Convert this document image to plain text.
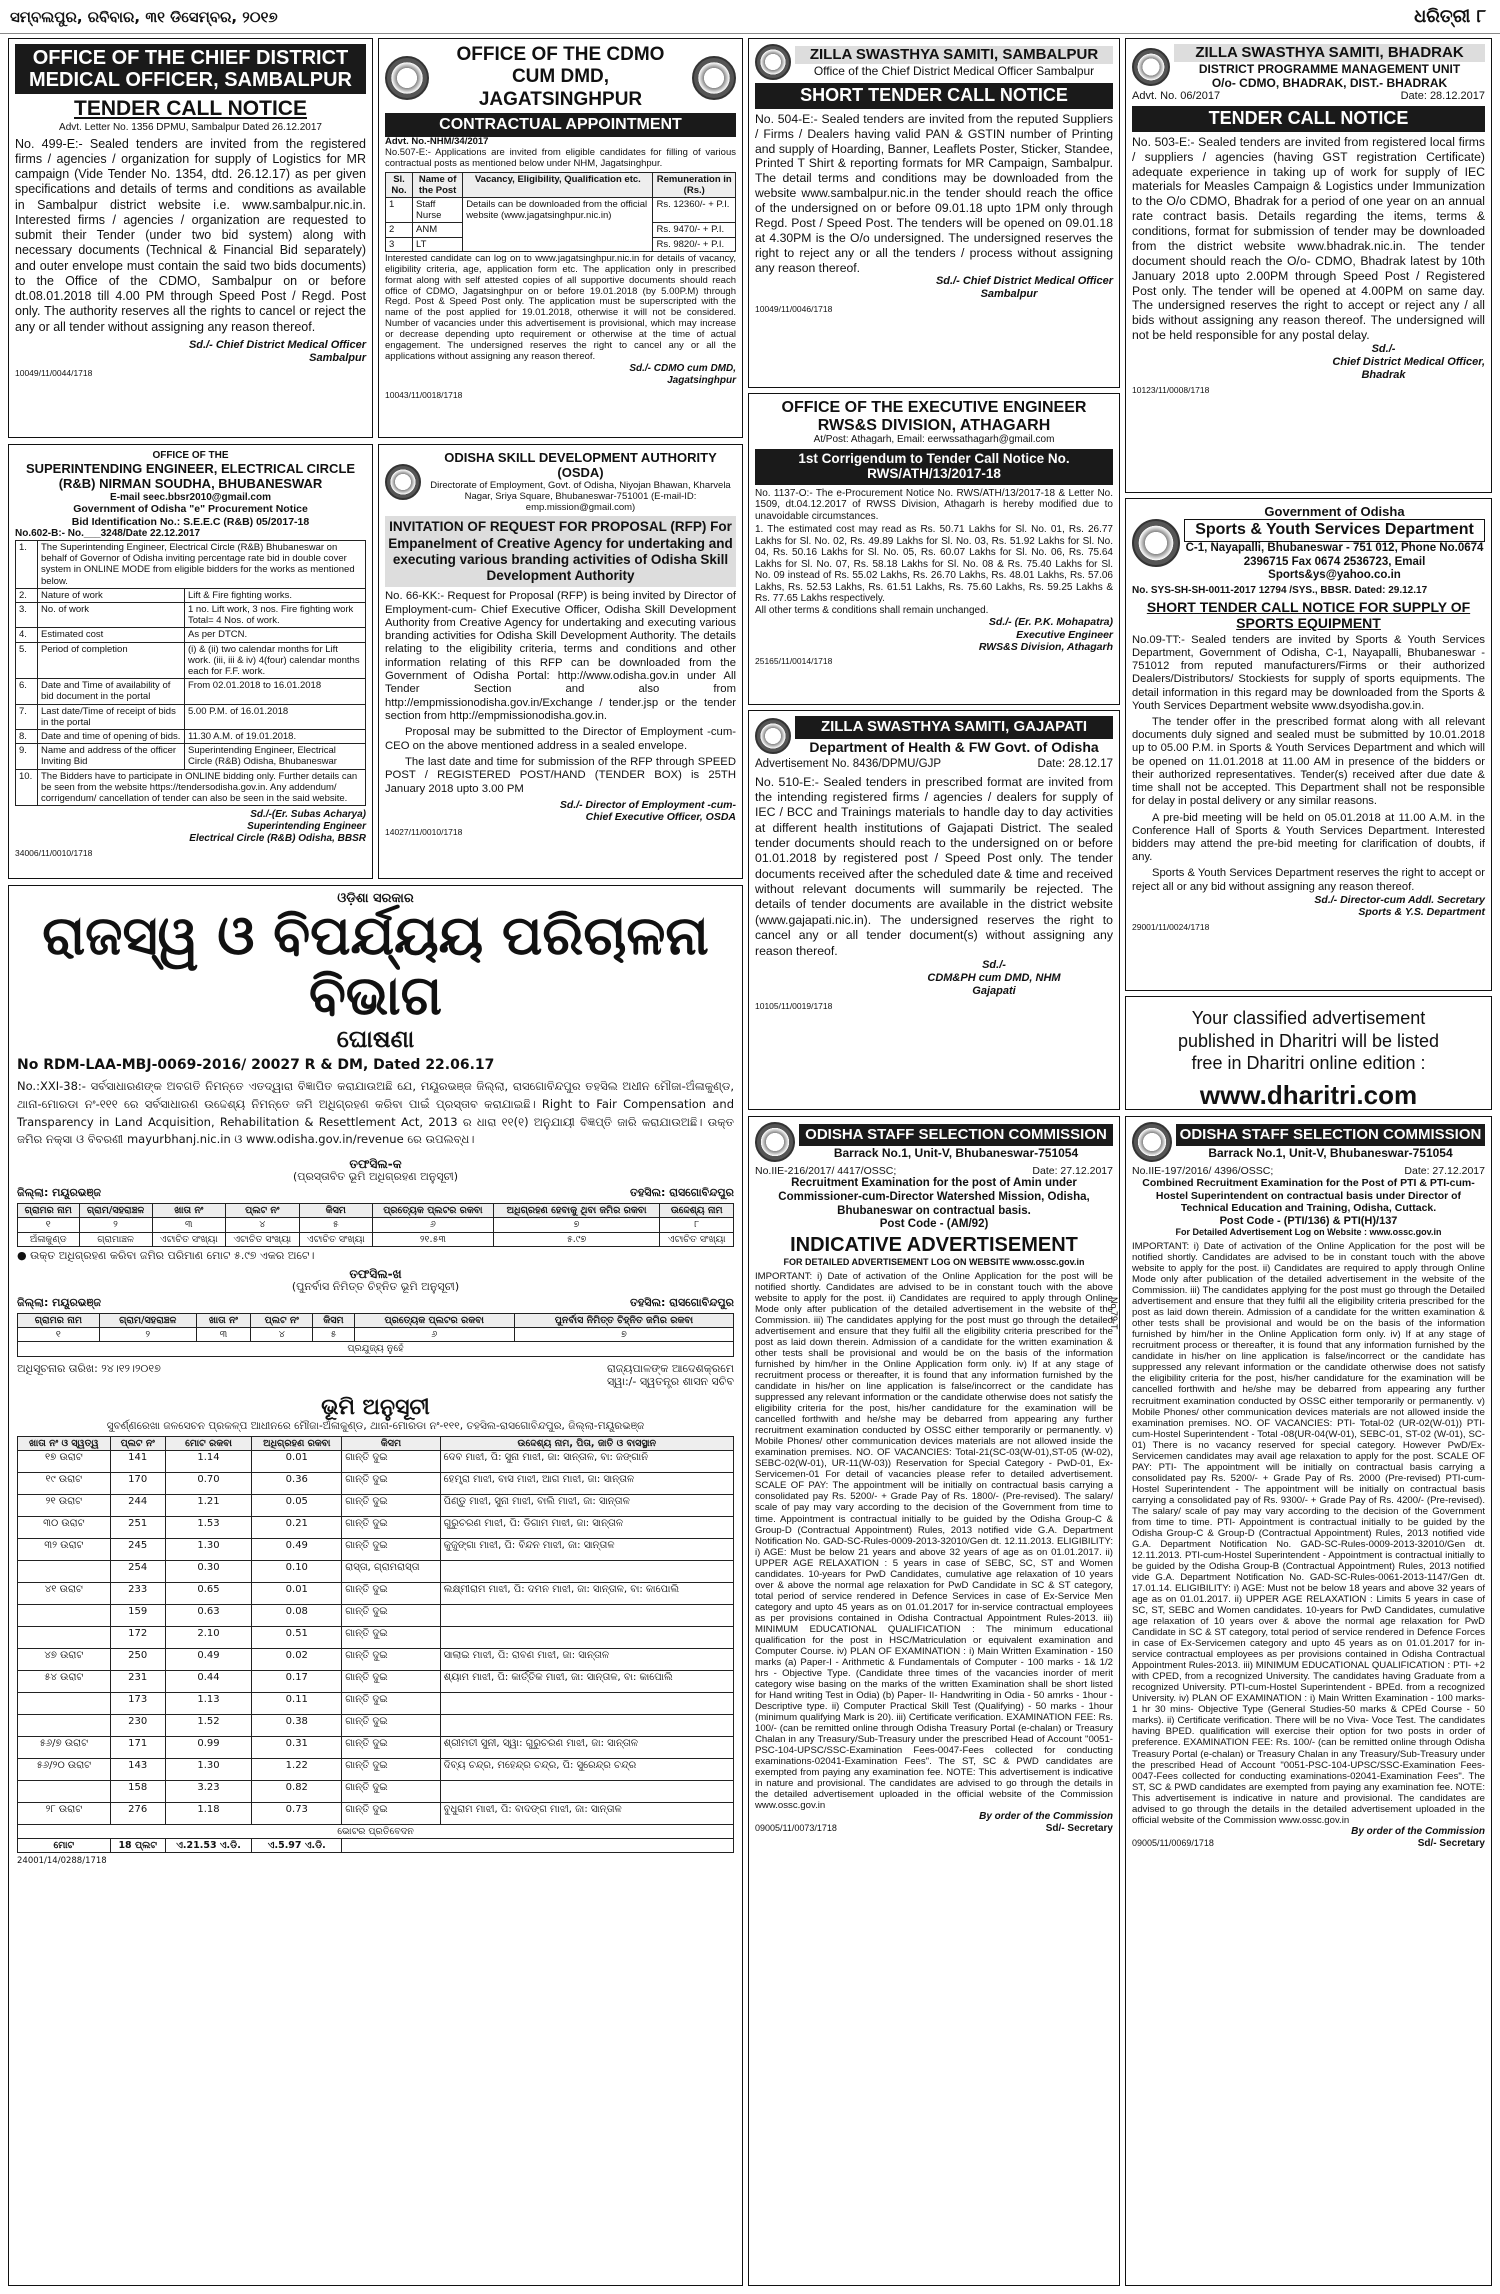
ସମ୍ବଲପୁର, ରବିବାର, ୩୧ ଡିସେମ୍ବର, ୨୦୧୭	ଧରିତ୍ରୀ ୮
OFFICE OF THE CHIEF DISTRICT MEDICAL OFFICER, SAMBALPUR
TENDER CALL NOTICE
Advt. Letter No. 1356 DPMU, Sambalpur Dated 26.12.2017
No. 499-E:- Sealed tenders are invited from the registered firms / agencies / organization for supply of Logistics for MR campaign (Vide Tender No. 1354, dtd. 26.12.17) as per given specifications and details of terms and conditions as available in Sambalpur district website i.e. www.sambalpur.nic.in. Interested firms / agencies / organization are requested to submit their Tender (under two bid system) along with necessary documents (Technical & Financial Bid separately) and outer envelope must contain the said two bids documents) to the Office of the CDMO, Sambalpur on or before dt.08.01.2018 till 4.00 PM through Speed Post / Regd. Post only. The authority reserves all the rights to cancel or reject the any or all tender without assigning any reason thereof.
Sd./- Chief District Medical Officer
Sambalpur
10049/11/0044/1718
OFFICE OF THE CDMO CUM DMD, JAGATSINGHPUR
CONTRACTUAL APPOINTMENT
Advt. No.-NHM/34/2017
No.507-E:- Applications are invited from eligible candidates for filling of various contractual posts as mentioned below under NHM, Jagatsinghpur.
Sl. No.	Name of the Post	Vacancy, Eligibility, Qualification etc.	Remuneration in (Rs.)
1	Staff Nurse	Details can be downloaded from the official website (www.jagatsinghpur.nic.in)	Rs. 12360/- + P.I.
2	ANM		Rs. 9470/- + P.I.
3	LT		Rs. 9820/- + P.I.
Interested candidate can log on to www.jagatsinghpur.nic.in for details of vacancy, eligibility criteria, age, application form etc. The application only in prescribed format along with self attested copies of all supportive documents should reach office of CDMO, Jagatsinghpur on or before 19.01.2018 (by 5.00P.M) through Regd. Post & Speed Post only. The application must be superscripted with the name of the post applied for 19.01.2018, otherwise it will not be considered. Number of vacancies under this advertisement is provisional, which may increase or decrease depending upto requirement or otherwise at the time of actual engagement. The undersigned reserves the right to cancel any or all the applications without assigning any reason thereof.
Sd./- CDMO cum DMD,
Jagatsinghpur
10043/11/0018/1718
ZILLA SWASTHYA SAMITI, SAMBALPUR
Office of the Chief District Medical Officer Sambalpur
SHORT TENDER CALL NOTICE
No. 504-E:- Sealed tenders are invited from the reputed Suppliers / Firms / Dealers having valid PAN & GSTIN number of Printing and supply of Hoarding, Banner, Leaflets Poster, Sticker, Standee, Printed T Shirt & reporting formats for MR Campaign, Sambalpur. The detail terms and conditions may be downloaded from the website www.sambalpur.nic.in the tender should reach the office of the undersigned on or before 09.01.18 upto 1PM only through Regd. Post / Speed Post. The tenders will be opened on 09.01.18 at 4.30PM is the O/o undersigned. The undersigned reserves the right to reject any or all the tenders / process without assigning any reason thereof.
Sd./- Chief District Medical Officer
Sambalpur
10049/11/0046/1718
ZILLA SWASTHYA SAMITI, BHADRAK
DISTRICT PROGRAMME MANAGEMENT UNIT
O/o- CDMO, BHADRAK, DIST.- BHADRAK
Advt. No. 06/2017	Date: 28.12.2017
TENDER CALL NOTICE
No. 503-E:- Sealed tenders are invited from registered local firms / suppliers / agencies (having GST registration Certificate) adequate experience in taking up of work for supply of IEC materials for Measles Campaign & Logistics under Immunization to the O/o CDMO, Bhadrak for a period of one year on an annual rate contract basis. Details regarding the items, terms & conditions, format for submission of tender may be downloaded from the district website www.bhadrak.nic.in. The tender document should reach the O/o- CDMO, Bhadrak latest by 10th January 2018 upto 2.00PM through Speed Post / Registered Post only. The tender will be opened at 4.00PM on same day. The undersigned reserves the right to accept or reject any / all bids without assigning any reason thereof. The undersigned will not be held responsible for any postal delay.
Sd./-
Chief District Medical Officer,
Bhadrak
10123/11/0008/1718
OFFICE OF THE EXECUTIVE ENGINEER RWS&S DIVISION, ATHAGARH
At/Post: Athagarh, Email: eerwssathagarh@gmail.com
1st Corrigendum to Tender Call Notice No. RWS/ATH/13/2017-18
No. 1137-O:- The e-Procurement Notice No. RWS/ATH/13/2017-18 & Letter No. 1509, dt.04.12.2017 of RWSS Division, Athagarh is hereby modified due to unavoidable circumstances.
1. The estimated cost may read as Rs. 50.71 Lakhs for Sl. No. 01, Rs. 26.77 Lakhs for Sl. No. 02, Rs. 49.89 Lakhs for Sl. No. 03, Rs. 51.92 Lakhs for Sl. No. 04, Rs. 50.16 Lakhs for Sl. No. 05, Rs. 60.07 Lakhs for Sl. No. 06, Rs. 75.64 Lakhs for Sl. No. 07, Rs. 58.18 Lakhs for Sl. No. 08 & Rs. 75.40 Lakhs for Sl. No. 09 instead of Rs. 55.02 Lakhs, Rs. 26.70 Lakhs, Rs. 48.01 Lakhs, Rs. 57.06 Lakhs, Rs. 52.53 Lakhs, Rs. 61.51 Lakhs, Rs. 75.60 Lakhs, Rs. 59.25 Lakhs & Rs. 77.65 Lakhs respectively.
All other terms & conditions shall remain unchanged.
Sd./- (Er. P.K. Mohapatra)
Executive Engineer
RWS&S Division, Athagarh
25165/11/0014/1718
OFFICE OF THE
SUPERINTENDING ENGINEER, ELECTRICAL CIRCLE (R&B) NIRMAN SOUDHA, BHUBANESWAR
E-mail seec.bbsr2010@gmail.com
Government of Odisha "e" Procurement Notice
Bid Identification No.: S.E.E.C (R&B) 05/2017-18
No.602-B:- No.___3248/Date 22.12.2017
1.	The Superintending Engineer, Electrical Circle (R&B) Bhubaneswar on behalf of Governor of Odisha inviting percentage rate bid in double cover system in ONLINE MODE from eligible bidders for the works as mentioned below.	
2.	Nature of work	Lift & Fire fighting works.
3.	No. of work	1 no. Lift work, 3 nos. Fire fighting work Total= 4 Nos. of work.
4.	Estimated cost	As per DTCN.
5.	Period of completion	(i) & (ii) two calendar months for Lift work. (iii, iii & iv) 4(four) calendar months each for F.F. work.
6.	Date and Time of availability of bid document in the portal	From 02.01.2018 to 16.01.2018
7.	Last date/Time of receipt of bids in the portal	5.00 P.M. of 16.01.2018
8.	Date and time of opening of bids.	11.30 A.M. of 19.01.2018.
9.	Name and address of the officer Inviting Bid	Superintending Engineer, Electrical Circle (R&B) Odisha, Bhubaneswar
10.	The Bidders have to participate in ONLINE bidding only. Further details can be seen from the website https://tendersodisha.gov.in. Any addendum/ corrigendum/ cancellation of tender can also be seen in the said website.	
Sd./-(Er. Subas Acharya)
Superintending Engineer
Electrical Circle (R&B) Odisha, BBSR
34006/11/0010/1718
ODISHA SKILL DEVELOPMENT AUTHORITY (OSDA)
Directorate of Employment, Govt. of Odisha, Niyojan Bhawan, Kharvela Nagar, Sriya Square, Bhubaneswar-751001 (E-mail-ID: emp.mission@gmail.com)
INVITATION OF REQUEST FOR PROPOSAL (RFP) For Empanelment of Creative Agency for undertaking and executing various branding activities of Odisha Skill Development Authority
No. 66-KK:- Request for Proposal (RFP) is being invited by Director of Employment-cum- Chief Executive Officer, Odisha Skill Development Authority from Creative Agency for undertaking and executing various branding activities for Odisha Skill Development Authority. The details relating to the eligibility criteria, terms and conditions and other information relating of this RFP can be downloaded from the Government of Odisha Portal: http://www.odisha.gov.in under All Tender Section and also from http://empmissionodisha.gov.in/Exchange / tender.jsp or the tender section from http://empmissionodisha.gov.in.
Proposal may be submitted to the Director of Employment -cum- CEO on the above mentioned address in a sealed envelope.
The last date and time for submission of the RFP through SPEED POST / REGISTERED POST/HAND (TENDER BOX) is 25TH January 2018 upto 3.00 PM
Sd./- Director of Employment -cum-
Chief Executive Officer, OSDA
14027/11/0010/1718
Government of Odisha
Sports & Youth Services Department
C-1, Nayapalli, Bhubaneswar - 751 012, Phone No.0674 2396715 Fax 0674 2536723, Email Sports&ys@yahoo.co.in
No. SYS-SH-SH-0011-2017 12794 /SYS., BBSR. Dated: 29.12.17
SHORT TENDER CALL NOTICE FOR SUPPLY OF SPORTS EQUIPMENT
No.09-TT:- Sealed tenders are invited by Sports & Youth Services Department, Government of Odisha, C-1, Nayapalli, Bhubaneswar - 751012 from reputed manufacturers/Firms or their authorized Dealers/Distributors/ Stockiests for supply of sports equipments. The detail information in this regard may be downloaded from the Sports & Youth Services Department website www.dsyodisha.gov.in.
The tender offer in the prescribed format along with all relevant documents duly signed and sealed must be submitted by 10.01.2018 up to 05.00 P.M. in Sports & Youth Services Department and which will be opened on 11.01.2018 at 11.00 AM in presence of the bidders or their authorized representatives. Tender(s) received after due date & time shall not be accepted. This Department shall not be responsible for delay in postal delivery or any similar reasons.
A pre-bid meeting will be held on 05.01.2018 at 11.00 A.M. in the Conference Hall of Sports & Youth Services Department. Interested bidders may attend the pre-bid meeting for clarification of doubts, if any.
Sports & Youth Services Department reserves the right to accept or reject all or any bid without assigning any reason thereof.
Sd./- Director-cum Addl. Secretary
Sports & Y.S. Department
29001/11/0024/1718
ZILLA SWASTHYA SAMITI, GAJAPATI
Department of Health & FW Govt. of Odisha
Advertisement No. 8436/DPMU/GJP	Date: 28.12.17
No. 510-E:- Sealed tenders in prescribed format are invited from the intending registered firms / agencies / dealers for supply of IEC / BCC and Trainings materials to handle day to day activities at different health institutions of Gajapati District. The sealed tender documents should reach to the undersigned on or before 01.01.2018 by registered post / Speed Post only. The tender documents received after the scheduled date & time and received without relevant documents will summarily be rejected. The details of tender documents are available in the district website (www.gajapati.nic.in). The undersigned reserves the right to cancel any or all tender document(s) without assigning any reason thereof.
Sd./-
CDM&PH cum DMD, NHM
Gajapati
10105/11/0019/1718
Your classified advertisement
published in Dharitri will be listed
free in Dharitri online edition :
www.dharitri.com
ଓଡ଼ିଶା ସରକାର
ରାଜସ୍ୱ ଓ ବିପର୍ଯ୍ୟୟ ପରିଚାଳନା ବିଭାଗ
ଘୋଷଣା
No RDM-LAA-MBJ-0069-2016/ 20027 R & DM, Dated 22.06.17
No.:XXI-38:- ସର୍ବସାଧାରଣଙ୍କ ଅବଗତି ନିମନ୍ତେ ଏତଦ୍ୱାରା ବିଜ୍ଞାପିତ କରାଯାଉଅଛି ଯେ, ମୟୂରଭଞ୍ଜ ଜିଲ୍ଲା, ରାସଗୋବିନ୍ଦପୁର ତହସିଲ ଅଧୀନ ମୌଜା-ଅଁଳାକୁଣ୍ଡ, ଥାନା-ମୋରଡା ନଂ-୧୧୧ ରେ ସର୍ବସାଧାରଣ ଉଦ୍ଦେଶ୍ୟ ନିମନ୍ତେ ଜମି ଅଧିଗ୍ରହଣ କରିବା ପାଇଁ ପ୍ରସ୍ତାବ କରାଯାଇଛି। Right to Fair Compensation and Transparency in Land Acquisition, Rehabilitation & Resettlement Act, 2013 ର ଧାରା ୧୧(୧) ଅନୁଯାୟୀ ବିଜ୍ଞପ୍ତି ଜାରି କରାଯାଉଅଛି। ଉକ୍ତ ଜମିର ନକ୍ସା ଓ ବିବରଣୀ mayurbhanj.nic.in ଓ www.odisha.gov.in/revenue ରେ ଉପଲବ୍ଧ।
ତଫସିଲ-କ
(ପ୍ରସ୍ତାବିତ ଭୂମି ଅଧିଗ୍ରହଣ ଅନୁସୂଚୀ)
ଜିଲ୍ଲା: ମୟୂରଭଞ୍ଜ	ତହସିଲ: ରାସଗୋବିନ୍ଦପୁର
ଗ୍ରାମର ନାମ	ଗ୍ରାମ/ସହରାଞ୍ଚଳ	ଖାତା ନଂ	ପ୍ଲଟ ନଂ	କିସମ	ପ୍ରତ୍ୟେକ ପ୍ଲଟର ରକବା	ଅଧିଗ୍ରହଣ ହେବାକୁ ଥିବା ଜମିର ରକବା	ଉଦ୍ଦେଶ୍ୟ ନାମ
୧	୨	୩	୪	୫	୬	୭	୮
ଅଁଳାକୁଣ୍ଡ	ଗ୍ରାମାଞ୍ଚଳ	ଏଟାଚିତ ସଂଖ୍ୟା	ଏଟାଚିତ ସଂଖ୍ୟା	ଏଟାଚିତ ସଂଖ୍ୟା	୨୧.୫୩	୫.୯୭	ଏଟାଚିତ ସଂଖ୍ୟା
● ଉକ୍ତ ଅଧିଗ୍ରହଣ କରିବା ଜମିର ପରିମାଣ ମୋଟ ୫.୯୭ ଏକର ଅଟେ।
ତଫସିଲ-ଖ
(ପୁନର୍ବାସ ନିମିତ୍ତ ଚିହ୍ନିତ ଭୂମି ଅନୁସୂଚୀ)
ଜିଲ୍ଲା: ମୟୂରଭଞ୍ଜ	ତହସିଲ: ରାସଗୋବିନ୍ଦପୁର
ଗ୍ରାମର ନାମ	ଗ୍ରାମ/ସହରାଞ୍ଚଳ	ଖାତା ନଂ	ପ୍ଲଟ ନଂ	କିସମ	ପ୍ରତ୍ୟେକ ପ୍ଲଟର ରକବା	ପୁନର୍ବାସ ନିମିତ୍ତ ଚିହ୍ନିତ ଜମିର ରକବା
୧	୨	୩	୪	୫	୬	୭
ପ୍ରଯୁଜ୍ୟ ନୁହେଁ						
ଅଧିସୂଚନାର ତାରିଖ: ୨୪।୧୨।୨୦୧୭	ରାଜ୍ୟପାଳଙ୍କ ଆଦେଶକ୍ରମେ
ସ୍ୱା:/- ସ୍ୱତନ୍ତ୍ର ଶାସନ ସଚିବ
ଭୂମି ଅନୁସୂଚୀ
ସୁବର୍ଣ୍ଣରେଖା ଜଳସେଚନ ପ୍ରକଳ୍ପ ଆଧୀନରେ ମୌଜା-ଅଁଳାକୁଣ୍ଡ, ଥାନା-ମୋରଡା ନଂ-୧୧୧, ତହସିଲ-ରାସଗୋବିନ୍ଦପୁର, ଜିଲ୍ଲା-ମୟୂରଭଞ୍ଜ
ଖାତା ନଂ ଓ ସ୍ୱତ୍ୱ	ପ୍ଲଟ ନଂ	ମୋଟ ରକବା	ଅଧିଗ୍ରହଣ ରକବା	କିସମ	ଉଦ୍ଦେଶ୍ୟ ନାମ, ପିତା, ଜାତି ଓ ବାସସ୍ଥାନ
୧୭ ଉରାଟ	141	1.14	0.01	ଗାନ୍ତି ଦୁଇ	ଦେବ ମାଝୀ, ପି: ସୁନା ମାଝୀ, ଜା: ସାନ୍ତାଳ, ବା: ଜଙ୍ଗାନି
୧୯ ଉରାଟ	170	0.70	0.36	ଗାନ୍ତି ଦୁଇ	ହେମ୍ବ୍ରା ମାଝୀ, ବାସ ମାଝୀ, ଆଗ ମାଝୀ, ଜା: ସାନ୍ତାଳ
୨୧ ଉରାଟ	244	1.21	0.05	ଗାନ୍ତି ଦୁଇ	ପିଣ୍ଡୁ ମାଝୀ, ସୁନା ମାଝୀ, ବାଲି ମାଝୀ, ଜା: ସାନ୍ତାଳ
୩୦ ଉରାଟ	251	1.53	0.21	ଗାନ୍ତି ଦୁଇ	ଗୁରୁଚରଣ ମାଝୀ, ପି: ଡିଗାମ ମାଝୀ, ଜା: ସାନ୍ତାଳ
୩୨ ଉରାଟ	245	1.30	0.49	ଗାନ୍ତି ଦୁଇ	କୁଜୁଙ୍ଗା ମାଝୀ, ପି: ବିନ୍ଦନ ମାଝୀ, ଜା: ସାନ୍ତାଳ
	254	0.30	0.10	ରାସ୍ତା, ଗ୍ରାମରାସ୍ତା	
୪୧ ଉରାଟ	233	0.65	0.01	ଗାନ୍ତି ଦୁଇ	ଲକ୍ଷ୍ମୀରାମ ମାଝୀ, ପି: ଦମନ ମାଝୀ, ଜା: ସାନ୍ତାଳ, ବା: କାପୋଲି
	159	0.63	0.08	ଗାନ୍ତି ଦୁଇ	
	172	2.10	0.51	ଗାନ୍ତି ଦୁଇ	
୪୭ ଉରାଟ	250	0.49	0.02	ଗାନ୍ତି ଦୁଇ	ସାଲାଇ ମାଝୀ, ପି: ରାବଣ ମାଝୀ, ଜା: ସାନ୍ତାଳ
୫୪ ଉରାଟ	231	0.44	0.17	ଗାନ୍ତି ଦୁଇ	ଶ୍ୟାମ ମାଝୀ, ପି: କାର୍ତ୍ତିକ ମାଝୀ, ଜା: ସାନ୍ତାଳ, ବା: କାପୋଲି
	173	1.13	0.11	ଗାନ୍ତି ଦୁଇ	
	230	1.52	0.38	ଗାନ୍ତି ଦୁଇ	
୫୬/୭ ଉରାଟ	171	0.99	0.31	ଗାନ୍ତି ଦୁଇ	ଶ୍ରୀମତୀ ସୁନୀ, ସ୍ୱା: ଗୁରୁଚରଣ ମାଝୀ, ଜା: ସାନ୍ତାଳ
୫୬/୨୦ ଉରାଟ	143	1.30	1.22	ଗାନ୍ତି ଦୁଇ	ଦିବ୍ୟ ଚନ୍ଦ୍ର, ମହେନ୍ଦ୍ର ଚନ୍ଦ୍ର, ପି: ସୁରେନ୍ଦ୍ର ଚନ୍ଦ୍ର
	158	3.23	0.82	ଗାନ୍ତି ଦୁଇ	
୨୮ ଉରାଟ	276	1.18	0.73	ଗାନ୍ତି ଦୁଇ	ବୁଧୁରାମ ମାଝୀ, ପି: ବାଦଙ୍ଗ ମାଝୀ, ଜା: ସାନ୍ତାଳ
ଭୋଟର ପ୍ରତିବେଦନ					
ମୋଟ	18 ପ୍ଲଟ	ଏ.21.53 ଏ.ଡି.	ଏ.5.97 ଏ.ଡି.		
24001/14/0288/1718
ODISHA STAFF SELECTION COMMISSION
Barrack No.1, Unit-V, Bhubaneswar-751054
No.IIE-216/2017/ 4417/OSSC;	Date: 27.12.2017
Recruitment Examination for the post of Amin under Commissioner-cum-Director Watershed Mission, Odisha, Bhubaneswar on contractual basis.
Post Code - (AM/92)
INDICATIVE ADVERTISEMENT
FOR DETAILED ADVERTISEMENT LOG ON WEBSITE www.ossc.gov.in
IMPORTANT: i) Date of activation of the Online Application for the post will be notified shortly. Candidates are advised to be in constant touch with the above website to apply for the post. ii) Candidates are required to apply through Online Mode only after publication of the detailed advertisement in the website of the Commission. iii) The candidates applying for the post must go through the detailed advertisement and ensure that they fulfil all the eligibility criteria prescribed for the post as laid down therein. Admission of a candidate for the written examination & other tests shall be provisional and would be on the basis of the information furnished by him/her in the Online Application form only. iv) If at any stage of recruitment process or thereafter, it is found that any information furnished by the candidate in his/her on line application is false/incorrect or the candidate has suppressed any relevant information or the candidate otherwise does not satisfy the eligibility criteria for the post, his/her candidature for the examination will be cancelled forthwith and he/she may be debarred from appearing any further recruitment examination conducted by OSSC either temporarily or permanently. v) Mobile Phones/ other communication devices materials are not allowed inside the examination premises. NO. OF VACANCIES: Total-21(SC-03(W-01),ST-05 (W-02), SEBC-02(W-01), UR-11(W-03)) Reservation for Special Category - PwD-01, Ex-Servicemen-01 For detail of vacancies please refer to detailed advertisement. SCALE OF PAY: The appointment will be initially on contractual basis carrying a consolidated pay Rs. 5200/- + Grade Pay of Rs. 1800/- (Pre-revised). The salary/ scale of pay may vary according to the decision of the Government from time to time. Appointment is contractual initially to be guided by the Odisha Group-C & Group-D (Contractual Appointment) Rules, 2013 notified vide G.A. Department Notification No. GAD-SC-Rules-0009-2013-32010/Gen dt. 12.11.2013. ELIGIBILITY: i) AGE: Must be below 21 years and above 32 years of age as on 01.01.2017. ii) UPPER AGE RELAXATION : 5 years in case of SEBC, SC, ST and Women candidates. 10-years for PwD Candidates, cumulative age relaxation of 10 years over & above the normal age relaxation for PwD Candidate in SC & ST category, total period of service rendered in Defence Services in case of Ex-Service Men category and upto 45 years as on 01.01.2017 for in-service contractual employees as per provisions contained in Odisha Contractual Appointment Rules-2013. iii) MINIMUM EDUCATIONAL QUALIFICATION : The minimum educational qualification for the post in HSC/Matriculation or equivalent examination and Computer Course. iv) PLAN OF EXAMINATION : i) Main Written Examination - 150 marks (a) Paper-I - Arithmetic & Fundamentals of Computer - 100 marks - 1& 1/2 hrs - Objective Type. (Candidate three times of the vacancies inorder of merit category wise basing on the marks of the written Examination shall be short listed for Hand writing Test in Odia) (b) Paper- II- Handwriting in Odia - 50 amrks - 1hour - Descriptive type. ii) Computer Practical Skill Test (Qualifying) - 50 marks - 1hour (minimum qualifying Mark is 20). iii) Certificate verification. EXAMINATION FEE: Rs. 100/- (can be remitted online through Odisha Treasury Portal (e-chalan) or Treasury Chalan in any Treasury/Sub-Treasury under the prescribed Head of Account "0051-PSC-104-UPSC/SSC-Examination Fees-0047-Fees collected for conducting examinations-02041-Examination Fees". The ST, SC & PWD candidates are exempted from paying any examination fee. NOTE: This advertisement is indicative in nature and provisional. The candidates are advised to go through the details in the detailed advertisement uploaded in the official website of the Commission www.ossc.gov.in
By order of the Commission
09005/11/0073/1718	Sd/- Secretary
No.79-T
ODISHA STAFF SELECTION COMMISSION
Barrack No.1, Unit-V, Bhubaneswar-751054
No.IIE-197/2016/ 4396/OSSC;	Date: 27.12.2017
Combined Recruitment Examination for the Post of PTI & PTI-cum-Hostel Superintendent on contractual basis under Director of Technical Education and Training, Odisha, Cuttack.
Post Code - (PTI/136) & PTI(H)/137
For Detailed Advertisement Log on Website : www.ossc.gov.in
IMPORTANT: i) Date of activation of the Online Application for the post will be notified shortly. Candidates are advised to be in constant touch with the above website to apply for the post. ii) Candidates are required to apply through Online Mode only after publication of the detailed advertisement in the website of the Commission. iii) The candidates applying for the post must go through the Detailed advertisement and ensure that they fulfil all the eligibility criteria prescribed for the post as laid down therein. Admission of a candidate for the written examination & other tests shall be provisional and would be on the basis of the information furnished by him/her in the Online Application form only. iv) If at any stage of recruitment process or thereafter, it is found that any information furnished by the candidate in his/her on line application is false/incorrect or the candidate has suppressed any relevant information or the candidate otherwise does not satisfy the eligibility criteria for the post, his/her candidature for the examination will be cancelled forthwith and he/she may be debarred from appearing any further recruitment examination conducted by OSSC either temporarily or permanently. v) Mobile Phones/ other communication devices materials are not allowed inside the examination premises. NO. OF VACANCIES: PTI- Total-02 (UR-02(W-01)) PTI-cum-Hostel Superintendent - Total -08(UR-04(W-01), SEBC-01, ST-02 (W-01), SC-01) There is no vacancy reserved for special category. However PwD/Ex-Servicemen candidates may avail age relaxation to apply for the post. SCALE OF PAY: PTI- The appointment will be initially on contractual basis carrying a consolidated pay Rs. 5200/- + Grade Pay of Rs. 2000 (Pre-revised) PTI-cum-Hostel Superintendent - The appointment will be initially on contractual basis carrying a consolidated pay of Rs. 9300/- + Grade Pay of Rs. 4200/- (Pre-revised). The salary/ scale of pay may vary according to the decision of the Government from time to time. PTI- Appointment is contractual initially to be guided by the Odisha Group-C & Group-D (Contractual Appointment) Rules, 2013 notified vide G.A. Department Notification No. GAD-SC-Rules-0009-2013-32010/Gen dt. 12.11.2013. PTI-cum-Hostel Superintendent - Appointment is contractual initially to be guided by the Odisha Group-B (Contractual Appointment) Rules, 2013 notified vide G.A. Department Notification No. GAD-SC-Rules-0061-2013-1147/Gen dt. 17.01.14. ELIGIBILITY: i) AGE: Must not be below 18 years and above 32 years of age as on 01.01.2017. ii) UPPER AGE RELAXATION : Limits 5 years in case of SC, ST, SEBC and Women candidates. 10-years for PwD Candidates, cumulative age relaxation of 10 years over & above the normal age relaxation for PwD Candidate in SC & ST category, total period of service rendered in Defence Forces in case of Ex-Servicemen category and upto 45 years as on 01.01.2017 for in-service contractual employees as per provisions contained in Odisha Contractual Appointment Rules-2013. iii) MINIMUM EDUCATIONAL QUALIFICATION : PTI- +2 with CPED, from a recognized University. The candidates having Graduate from a recognized University. PTI-cum-Hostel Superintendent - BPEd. from a recognized University. iv) PLAN OF EXAMINATION : i) Main Written Examination - 100 marks- 1 hr 30 mins- Objective Type (General Studies-50 marks & CPEd Course - 50 marks). ii) Certificate verification. There will be no Viva- Voce Test. The candidates having BPED. qualification will exercise their option for two posts in order of preference. EXAMINATION FEE: Rs. 100/- (can be remitted online through Odisha Treasury Portal (e-chalan) or Treasury Chalan in any Treasury/Sub-Treasury under the prescribed Head of Account "0051-PSC-104-UPSC/SSC-Examination Fees-0047-Fees collected for conducting examinations-02041-Examination Fees". The ST, SC & PWD candidates are exempted from paying any examination fee. NOTE: This advertisement is indicative in nature and provisional. The candidates are advised to go through the details in the detailed advertisement uploaded in the official website of the Commission www.ossc.gov.in
By order of the Commission
09005/11/0069/1718	Sd/- Secretary
